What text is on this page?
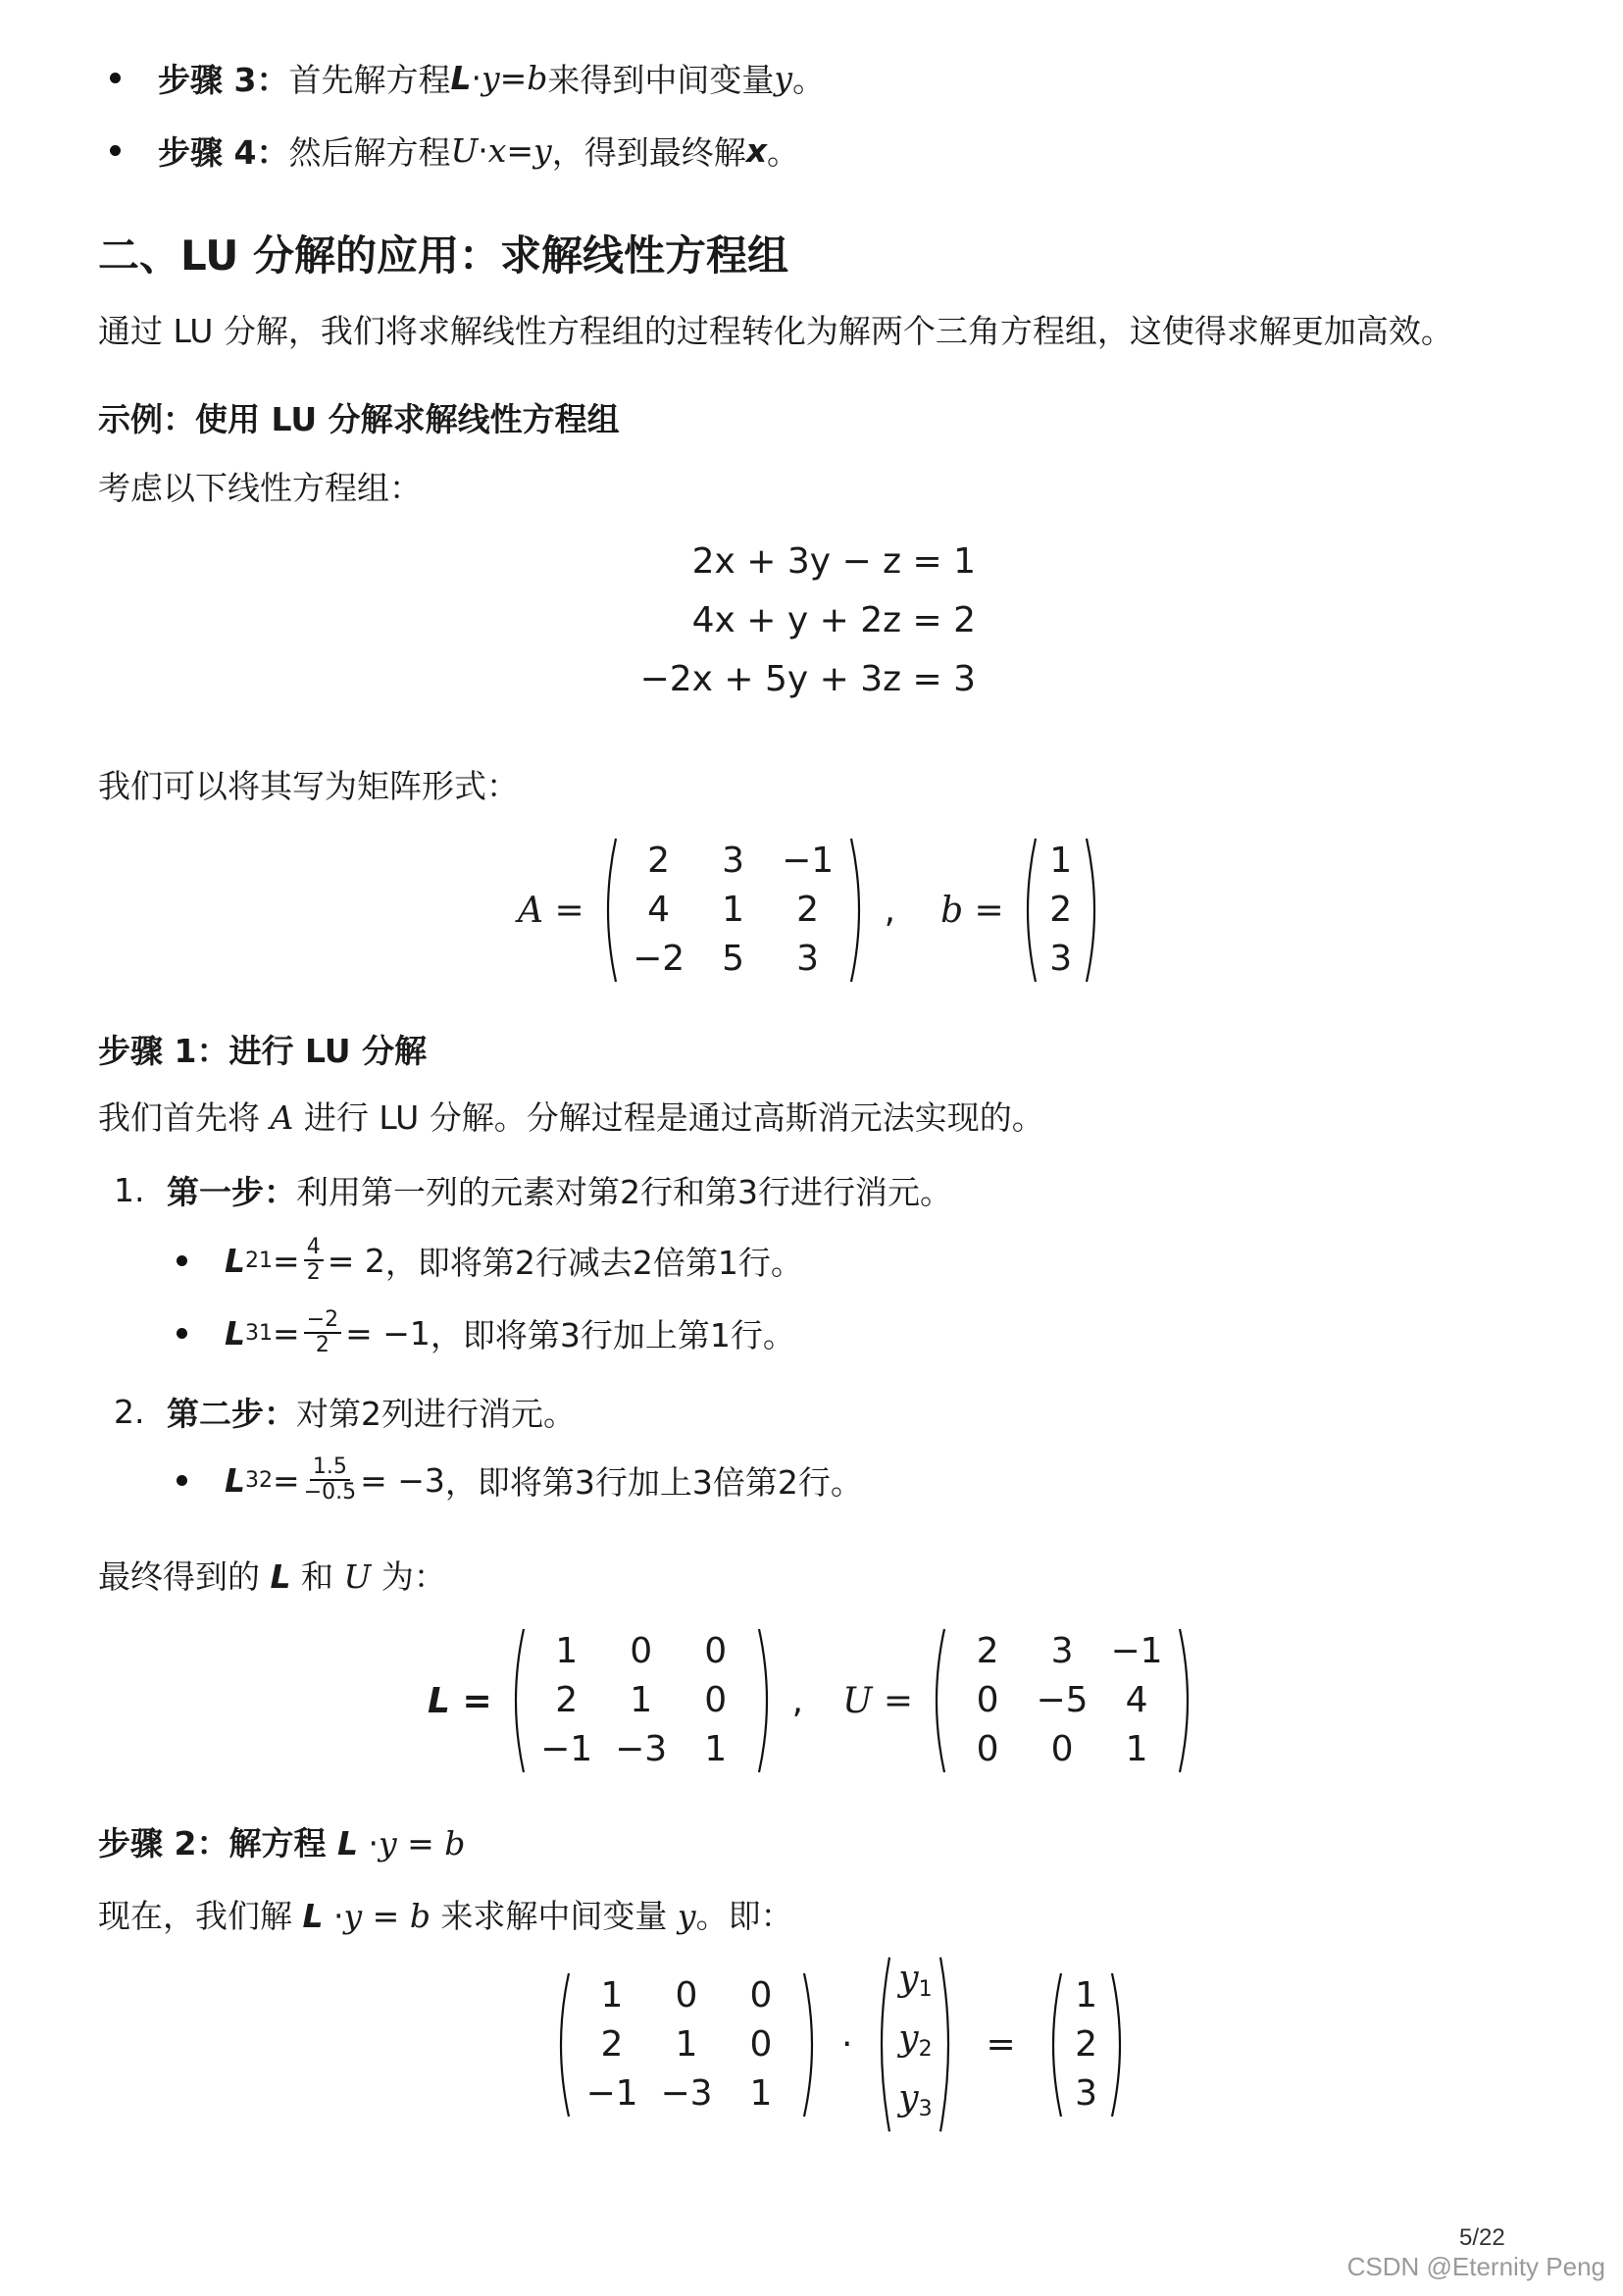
步骤 3： 首先解方程 L · y = b 来得到中间变量 y 。
步骤 4： 然后解方程 U · x = y ，得到最终解 x 。
二、LU 分解的应用：求解线性方程组
通过 LU 分解，我们将求解线性方程组的过程转化为解两个三角方程组，这使得求解更加高效。
示例：使用 LU 分解求解线性方程组
考虑以下线性方程组：
2x + 3y − z = 1
4x + y + 2z = 2
−2x + 5y + 3z = 3
我们可以将其写为矩阵形式：
A =
2	3	−1
4	1	2
−2	5	3
, b =
1
2
3
步骤 1：进行 LU 分解
我们首先将 A 进行 LU 分解。分解过程是通过高斯消元法实现的。
1. 第一步： 利用第一列的元素对第2行和第3行进行消元。
L $21 = \frac{4}{2} = 2$ ，即将第2行减去2倍第1行。
L $31 = \frac{-2}{2} = -1$ ，即将第3行加上第1行。
2. 第二步： 对第2列进行消元。
L $32 = \frac{1.5}{-0.5} = -3$ ，即将第3行加上3倍第2行。
最终得到的 L 和 U 为：
L =
1	0	0
2	1	0
−1 −3	1
, U =
2	3	−1
0	−5	4
0	0	1
步骤 2：解方程 L ·y = b
现在，我们解 L ·y = b 来求解中间变量 y。即：
1	0	0
2	1	0
−1 −3	1
·
$y_1$
$y_2$
$y_3$
=
1
2
3
5/22
CSDN @Eternity Peng
